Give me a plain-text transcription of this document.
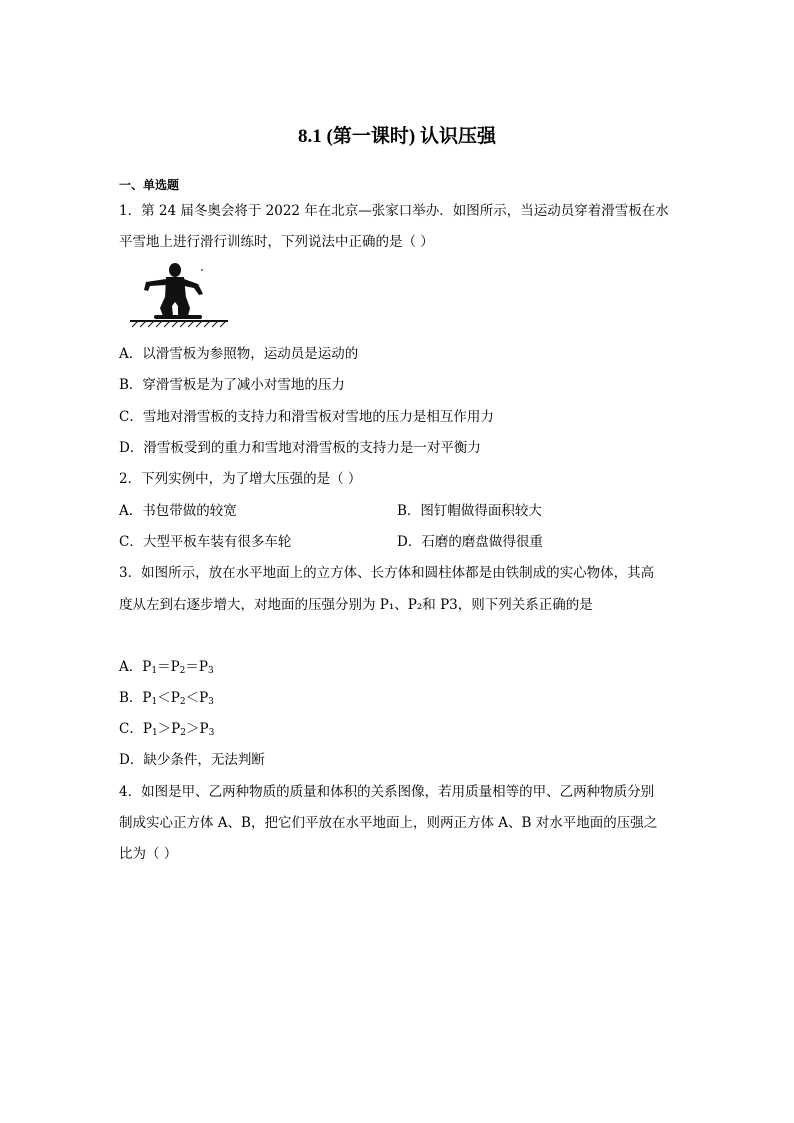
8.1 (第一课时) 认识压强
一、单选题
1．第 24 届冬奥会将于 2022 年在北京—张家口举办．如图所示，当运动员穿着滑雪板在水
平雪地上进行滑行训练时，下列说法中正确的是（ ）
A．以滑雪板为参照物，运动员是运动的
B．穿滑雪板是为了减小对雪地的压力
C．雪地对滑雪板的支持力和滑雪板对雪地的压力是相互作用力
D．滑雪板受到的重力和雪地对滑雪板的支持力是一对平衡力
2．下列实例中，为了增大压强的是（ ）
A．书包带做的较宽	B．图钉帽做得面积较大
C．大型平板车装有很多车轮	D．石磨的磨盘做得很重
3．如图所示，放在水平地面上的立方体、长方体和圆柱体都是由铁制成的实心物体，其高
度从左到右逐步增大，对地面的压强分别为 P₁、P₂和 P3，则下列关系正确的是
A．$P_1=P_2=P_3$
B．$P_1<P_2<P_3$
C．$P_1>P_2>P_3$
D．缺少条件，无法判断
4．如图是甲、乙两种物质的质量和体积的关系图像，若用质量相等的甲、乙两种物质分别
制成实心正方体 A、B，把它们平放在水平地面上，则两正方体 A、B 对水平地面的压强之
比为（ ）
